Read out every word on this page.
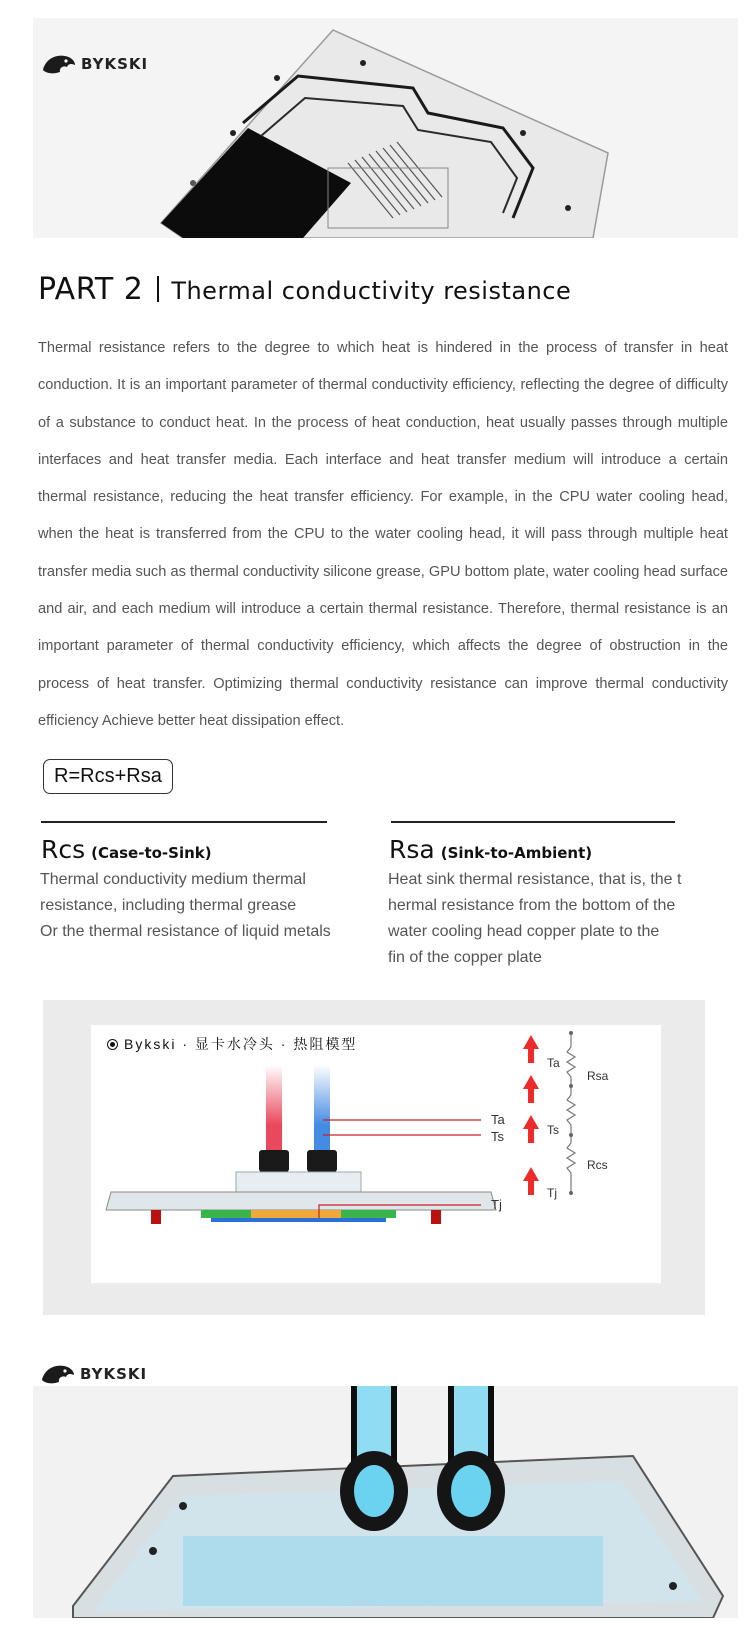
BYKSKI
PART 2 Thermal conductivity resistance
Thermal resistance refers to the degree to which heat is hindered in the process of transfer in heat conduction. It is an important parameter of thermal conductivity efficiency, reflecting the degree of difficulty of a substance to conduct heat. In the process of heat conduction, heat usually passes through multiple interfaces and heat transfer media. Each interface and heat transfer medium will introduce a certain thermal resistance, reducing the heat transfer efficiency. For example, in the CPU water cooling head, when the heat is transferred from the CPU to the water cooling head, it will pass through multiple heat transfer media such as thermal conductivity silicone grease, GPU bottom plate, water cooling head surface and air, and each medium will introduce a certain thermal resistance. Therefore, thermal resistance is an important parameter of thermal conductivity efficiency, which affects the degree of obstruction in the process of heat transfer. Optimizing thermal conductivity resistance can improve thermal conductivity efficiency Achieve better heat dissipation effect.
R=Rcs+Rsa
Rcs (Case-to-Sink)
Thermal conductivity medium thermal
resistance, including thermal grease
Or the thermal resistance of liquid metals
Rsa (Sink-to-Ambient)
Heat sink thermal resistance, that is, the t
hermal resistance from the bottom of the
water cooling head copper plate to the
fin of the copper plate
Bykski · 显卡水冷头 · 热阻模型
Ta
Ts
Tj
Ta
Ts
Tj
Rsa
Rcs
BYKSKI
